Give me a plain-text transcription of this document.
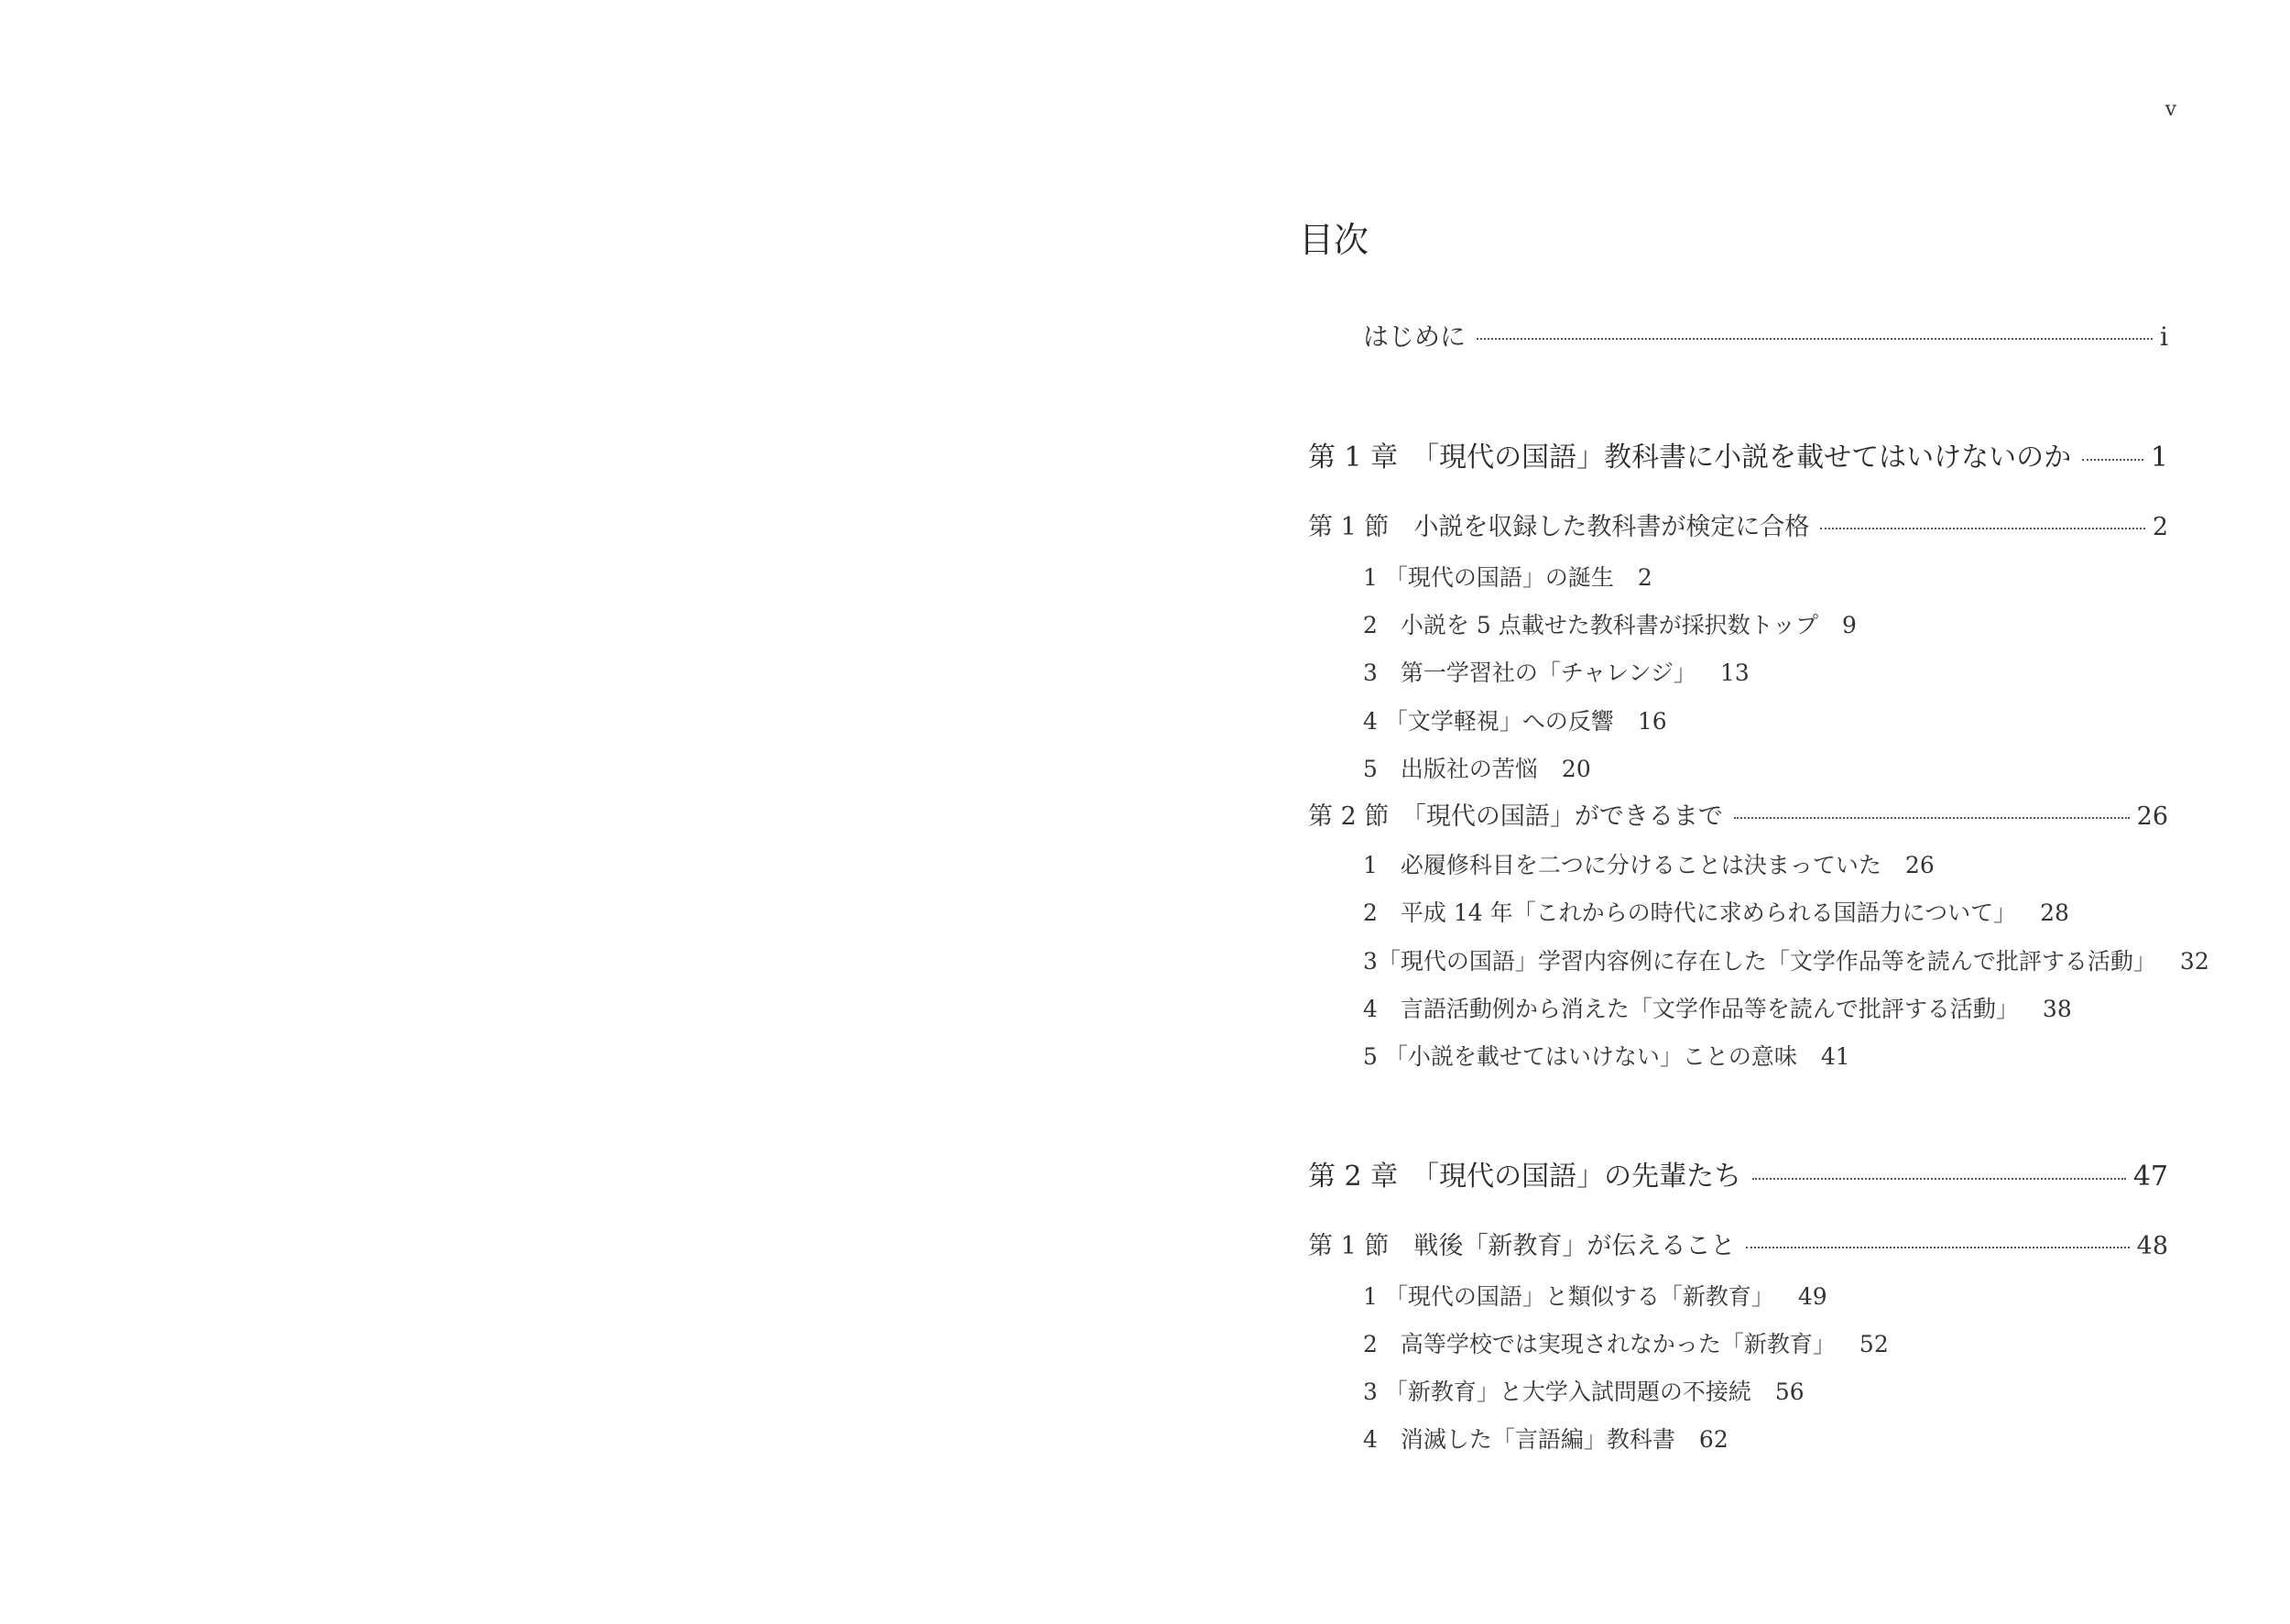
v
目次
はじめに	i
第 1 章　「現代の国語」教科書に小説を載せてはいけないのか	1
第 1 節　小説を収録した教科書が検定に合格	2
1 「現代の国語」の誕生 2
2　小説を 5 点載せた教科書が採択数トップ 9
3　第一学習社の「チャレンジ」 13
4 「文学軽視」への反響 16
5　出版社の苦悩 20
第 2 節　「現代の国語」ができるまで	26
1　必履修科目を二つに分けることは決まっていた 26
2　平成 14 年「これからの時代に求められる国語力について」 28
3「現代の国語」学習内容例に存在した「文学作品等を読んで批評する活動」 32
4　言語活動例から消えた「文学作品等を読んで批評する活動」 38
5 「小説を載せてはいけない」ことの意味 41
第 2 章　「現代の国語」の先輩たち	47
第 1 節　戦後「新教育」が伝えること	48
1 「現代の国語」と類似する「新教育」 49
2　高等学校では実現されなかった「新教育」 52
3 「新教育」と大学入試問題の不接続 56
4　消滅した「言語編」教科書 62
